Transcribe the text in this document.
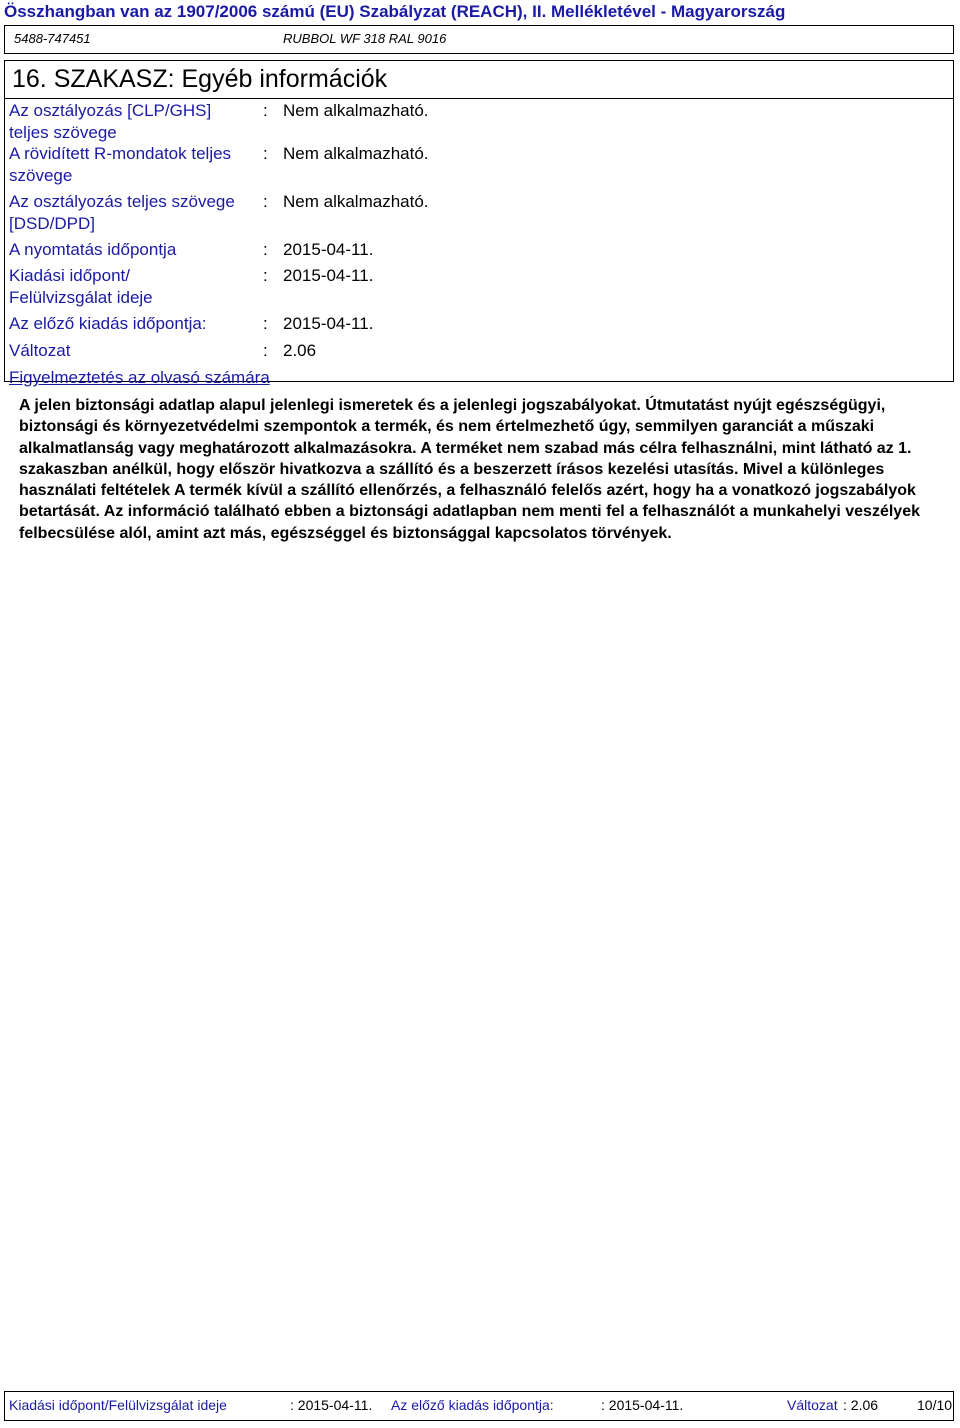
Összhangban van az 1907/2006 számú (EU) Szabályzat (REACH), II. Mellékletével - Magyarország
5488-747451	RUBBOL WF 318 RAL 9016
16. SZAKASZ: Egyéb információk
Az osztályozás [CLP/GHS] teljes szövege
: Nem alkalmazható.
A rövidített R-mondatok teljes szövege
: Nem alkalmazható.
Az osztályozás teljes szövege [DSD/DPD]
: Nem alkalmazható.
A nyomtatás időpontja	: 2015-04-11.
Kiadási időpont/ Felülvizsgálat ideje
: 2015-04-11.
Az előző kiadás időpontja:	: 2015-04-11.
Változat	: 2.06
Figyelmeztetés az olvasó számára
A jelen biztonsági adatlap alapul jelenlegi ismeretek és a jelenlegi jogszabályokat. Útmutatást nyújt egészségügyi, biztonsági és környezetvédelmi szempontok a termék, és nem értelmezhető úgy, semmilyen garanciát a műszaki alkalmatlanság vagy meghatározott alkalmazásokra. A terméket nem szabad más célra felhasználni, mint látható az 1. szakaszban anélkül, hogy először hivatkozva a szállító és a beszerzett írásos kezelési utasítás. Mivel a különleges használati feltételek A termék kívül a szállító ellenőrzés, a felhasználó felelős azért, hogy ha a vonatkozó jogszabályok betartását. Az információ található ebben a biztonsági adatlapban nem menti fel a felhasználót a munkahelyi veszélyek felbecsülése alól, amint azt más, egészséggel és biztonsággal kapcsolatos törvények.
Kiadási időpont/Felülvizsgálat ideje	: 2015-04-11. Az előző kiadás időpontja:	: 2015-04-11.	Változat : 2.06	10/10
